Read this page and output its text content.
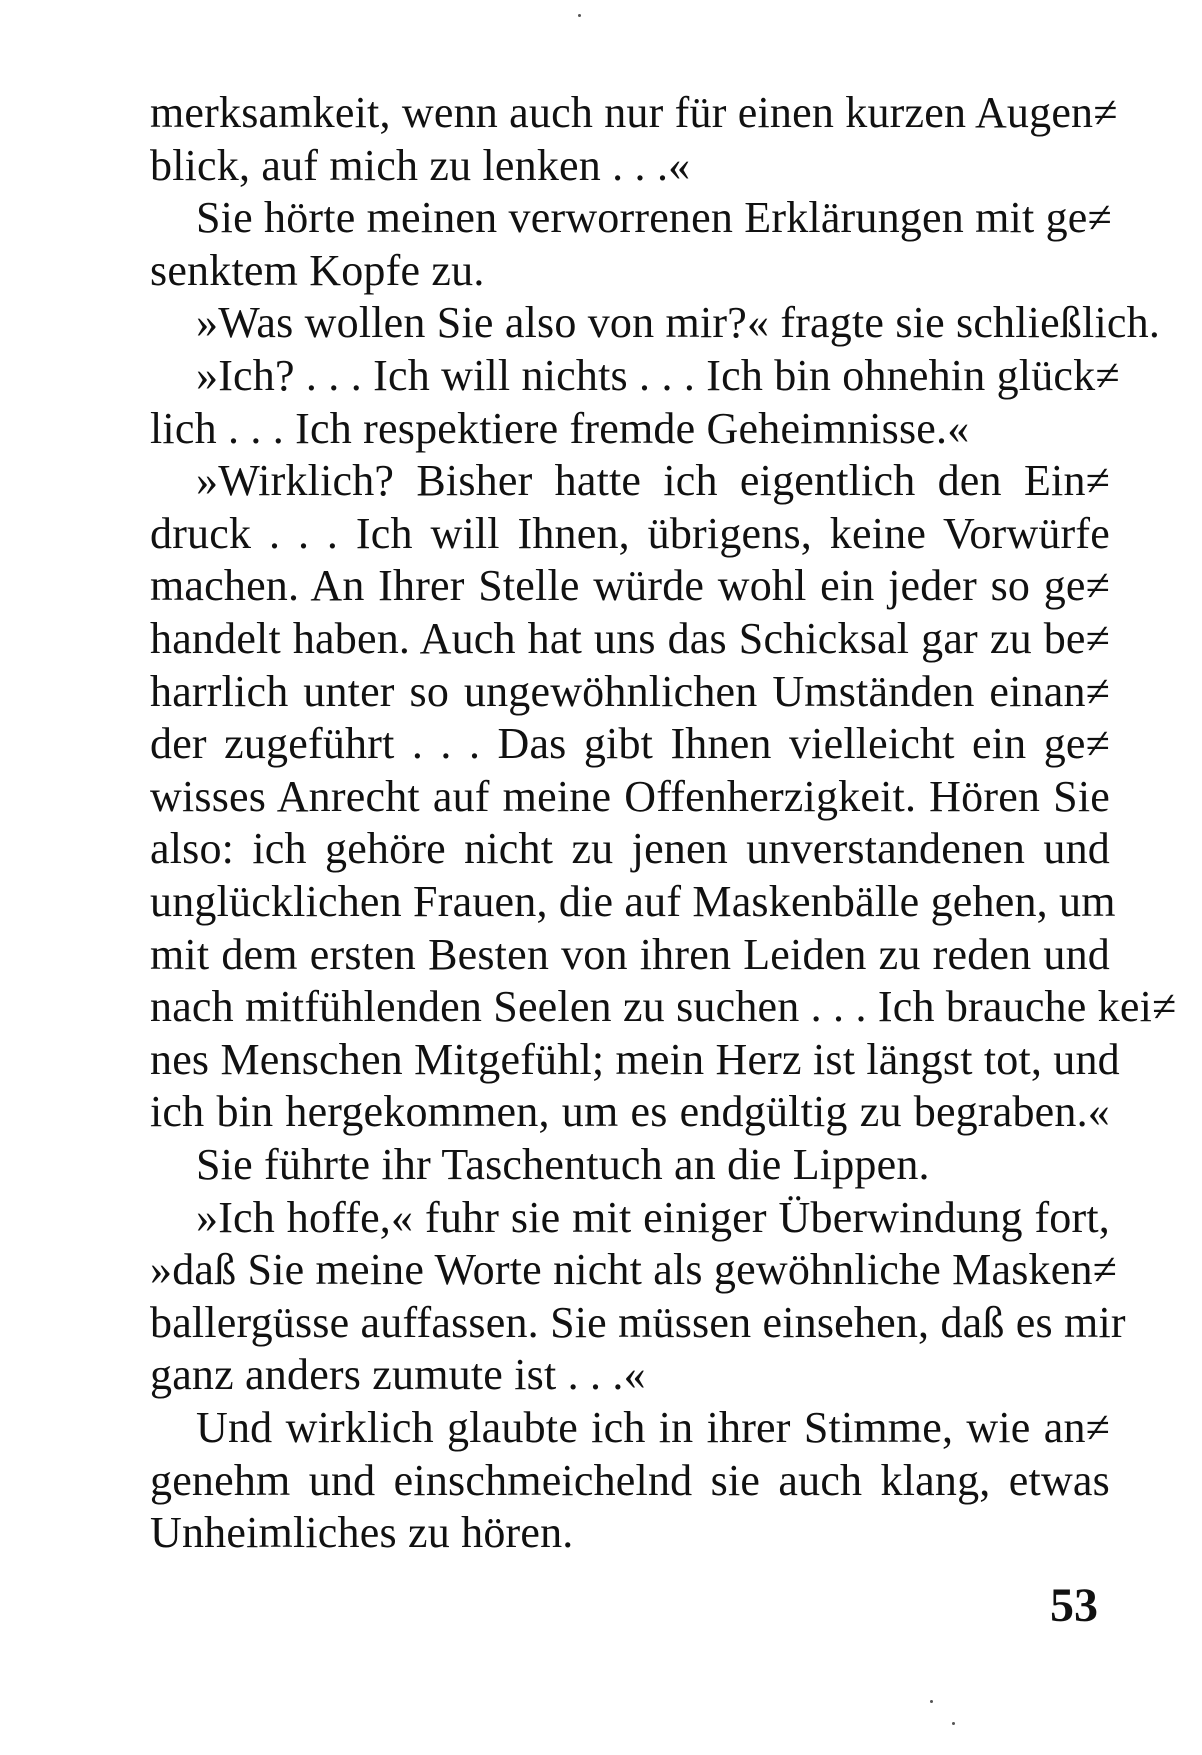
merksamkeit, wenn auch nur für einen kurzen Augen≠
blick, auf mich zu lenken . . .«
Sie hörte meinen verworrenen Erklärungen mit ge≠
senktem Kopfe zu.
»Was wollen Sie also von mir?« fragte sie schließlich.
»Ich? . . . Ich will nichts . . . Ich bin ohnehin glück≠
lich . . . Ich respektiere fremde Geheimnisse.«
»Wirklich? Bisher hatte ich eigentlich den Ein≠
druck . . . Ich will Ihnen, übrigens, keine Vorwürfe
machen. An Ihrer Stelle würde wohl ein jeder so ge≠
handelt haben. Auch hat uns das Schicksal gar zu be≠
harrlich unter so ungewöhnlichen Umständen einan≠
der zugeführt . . . Das gibt Ihnen vielleicht ein ge≠
wisses Anrecht auf meine Offenherzigkeit. Hören Sie
also: ich gehöre nicht zu jenen unverstandenen und
unglücklichen Frauen, die auf Maskenbälle gehen, um
mit dem ersten Besten von ihren Leiden zu reden und
nach mitfühlenden Seelen zu suchen . . . Ich brauche kei≠
nes Menschen Mitgefühl; mein Herz ist längst tot, und
ich bin hergekommen, um es endgültig zu begraben.«
Sie führte ihr Taschentuch an die Lippen.
»Ich hoffe,« fuhr sie mit einiger Überwindung fort,
»daß Sie meine Worte nicht als gewöhnliche Masken≠
ballergüsse auffassen. Sie müssen einsehen, daß es mir
ganz anders zumute ist . . .«
Und wirklich glaubte ich in ihrer Stimme, wie an≠
genehm und einschmeichelnd sie auch klang, etwas
Unheimliches zu hören.
53
